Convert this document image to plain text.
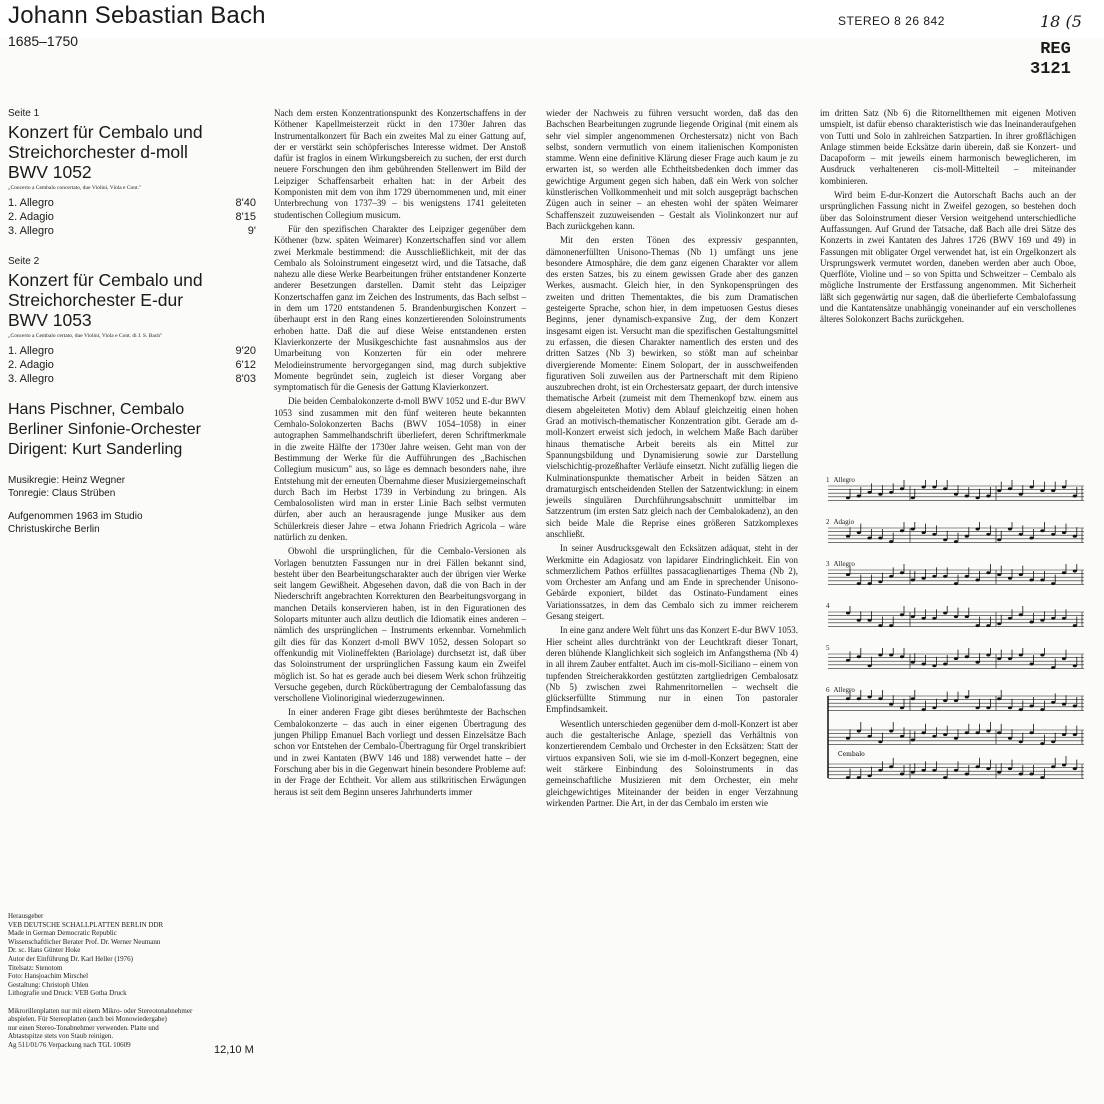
Johann Sebastian Bach
1685–1750
STEREO 8 26 842	18 (5
REG
3121
Seite 1
Konzert für Cembalo und
Streichorchester d-moll
BWV 1052
„Concerto a Cembalo concertato, due Violini, Viola e Cont."
1. Allegro	8'40
2. Adagio	8'15
3. Allegro	9'
Seite 2
Konzert für Cembalo und
Streichorchester E-dur
BWV 1053
„Concerto a Cembalo certato, due Violini, Viola e Cont. di J. S. Bach"
1. Allegro	9'20
2. Adagio	6'12
3. Allegro	8'03
Hans Pischner, Cembalo
Berliner Sinfonie-Orchester
Dirigent: Kurt Sanderling
Musikregie: Heinz Wegner
Tonregie: Claus Strüben
Aufgenommen 1963 im Studio
Christuskirche Berlin
Herausgeber
VEB DEUTSCHE SCHALLPLATTEN BERLIN DDR
Made in German Democratic Republic
Wissenschaftlicher Berater Prof. Dr. Werner Neumann
Dr. sc. Hans Günter Hoke
Autor der Einführung Dr. Karl Heller (1976)
Titelsatz: Stenotom
Foto: Hansjoachim Mirschel
Gestaltung: Christoph Uhlen
Lithografie und Druck: VEB Gotha Druck
Mikrorillenplatten nur mit einem Mikro- oder Stereotonabnehmer
abspielen. Für Stereoplatten (auch bei Monowiedergabe)
nur einen Stereo-Tonabnehmer verwenden. Platte und
Abtastspitze stets von Staub reinigen.
Ag 511/01/76 Verpackung nach TGL 10609	12,10 M

Nach dem ersten Konzentrationspunkt des Konzertschaffens in der Köthener Kapellmeisterzeit rückt in den 1730er Jahren das Instrumentalkonzert für Bach ein zweites Mal zu einer Gattung auf, der er verstärkt sein schöpferisches Interesse widmet. Der Anstoß dafür ist fraglos in einem Wirkungsbereich zu suchen, der erst durch neuere Forschungen den ihm gebührenden Stellenwert im Bild der Leipziger Schaffensarbeit erhalten hat: in der Arbeit des Komponisten mit dem von ihm 1729 übernommenen und, mit einer Unterbrechung von 1737–39 – bis wenigstens 1741 geleiteten studentischen Collegium musicum.

Für den spezifischen Charakter des Leipziger gegenüber dem Köthener (bzw. späten Weimarer) Konzertschaffen sind vor allem zwei Merkmale bestimmend: die Ausschließlichkeit, mit der das Cembalo als Soloinstrument eingesetzt wird, und die Tatsache, daß nahezu alle diese Werke Bearbeitungen früher entstandener Konzerte anderer Besetzungen darstellen. Damit steht das Leipziger Konzertschaffen ganz im Zeichen des Instruments, das Bach selbst – in dem um 1720 entstandenen 5. Brandenburgischen Konzert – überhaupt erst in den Rang eines konzertierenden Soloinstruments erhoben hatte. Daß die auf diese Weise entstandenen ersten Klavierkonzerte der Musikgeschichte fast ausnahmslos aus der Umarbeitung von Konzerten für ein oder mehrere Melodieinstrumente hervorgegangen sind, mag durch subjektive Momente begründet sein, zugleich ist dieser Vorgang aber symptomatisch für die Genesis der Gattung Klavierkonzert.

Die beiden Cembalokonzerte d-moll BWV 1052 und E-dur BWV 1053 sind zusammen mit den fünf weiteren heute bekannten Cembalo-Solokonzerten Bachs (BWV 1054–1058) in einer autographen Sammelhandschrift überliefert, deren Schriftmerkmale in die zweite Hälfte der 1730er Jahre weisen. Geht man von der Bestimmung der Werke für die Aufführungen des „Bachischen Collegium musicum" aus, so läge es demnach besonders nahe, ihre Entstehung mit der erneuten Übernahme dieser Musiziergemeinschaft durch Bach im Herbst 1739 in Verbindung zu bringen. Als Cembalosolisten wird man in erster Linie Bach selbst vermuten dürfen, aber auch an herausragende junge Musiker aus dem Schülerkreis dieser Jahre – etwa Johann Friedrich Agricola – wäre natürlich zu denken.

Obwohl die ursprünglichen, für die Cembalo-Versionen als Vorlagen benutzten Fassungen nur in drei Fällen bekannt sind, besteht über den Bearbeitungscharakter auch der übrigen vier Werke seit langem Gewißheit. Abgesehen davon, daß die von Bach in der Niederschrift angebrachten Korrekturen den Bearbeitungsvorgang in manchen Details konservieren haben, ist in den Figurationen des Soloparts mitunter auch allzu deutlich die Idiomatik eines anderen – nämlich des ursprünglichen – Instruments erkennbar. Vornehmlich gilt dies für das Konzert d-moll BWV 1052, dessen Solopart so offenkundig mit Violineffekten (Bariolage) durchsetzt ist, daß über das Soloinstrument der ursprünglichen Fassung kaum ein Zweifel möglich ist. So hat es gerade auch bei diesem Werk schon frühzeitig Versuche gegeben, durch Rückübertragung der Cembalofassung das verschollene Violinoriginal wiederzugewinnen.

In einer anderen Frage gibt dieses berühmteste der Bachschen Cembalokonzerte – das auch in einer eigenen Übertragung des jungen Philipp Emanuel Bach vorliegt und dessen Einzelsätze Bach schon vor Entstehen der Cembalo-Übertragung für Orgel transkribiert und in zwei Kantaten (BWV 146 und 188) verwendet hatte – der Forschung aber bis in die Gegenwart hinein besondere Probleme auf: in der Frage der Echtheit. Vor allem aus stilkritischen Erwägungen heraus ist seit dem Beginn unseres Jahrhunderts immer

wieder der Nachweis zu führen versucht worden, daß das den Bachschen Bearbeitungen zugrunde liegende Original (mit einem als sehr viel simpler angenommenen Orchestersatz) nicht von Bach selbst, sondern vermutlich von einem italienischen Komponisten stamme. Wenn eine definitive Klärung dieser Frage auch kaum je zu erwarten ist, so werden alle Echtheitsbedenken doch immer das gewichtige Argument gegen sich haben, daß ein Werk von solcher künstlerischen Vollkommenheit und mit solch ausgeprägt bachschen Zügen auch in seiner – an ehesten wohl der späten Weimarer Schaffenszeit zuzuweisenden – Gestalt als Violinkonzert nur auf Bach zurückgehen kann.

Mit den ersten Tönen des expressiv gespannten, dämonenerfüllten Unisono-Themas (Nb 1) umfängt uns jene besondere Atmosphäre, die dem ganz eigenen Charakter vor allem des ersten Satzes, bis zu einem gewissen Grade aber des ganzen Werkes, ausmacht. Gleich hier, in den Synkopensprüngen des zweiten und dritten Thementaktes, die bis zum Dramatischen gesteigerte Sprache, schon hier, in dem impetuosen Gestus dieses Beginns, jener dynamisch-expansive Zug, der dem Konzert insgesamt eigen ist. Versucht man die spezifischen Gestaltungsmittel zu erfassen, die diesen Charakter namentlich des ersten und des dritten Satzes (Nb 3) bewirken, so stößt man auf scheinbar divergierende Momente: Einem Solopart, der in ausschweifenden figurativen Soli zuweilen aus der Partnerschaft mit dem Ripieno auszubrechen droht, ist ein Orchestersatz gepaart, der durch intensive thematische Arbeit (zumeist mit dem Themenkopf bzw. einem aus diesem abgeleiteten Motiv) dem Ablauf gleichzeitig einen hohen Grad an motivisch-thematischer Konzentration gibt. Gerade am d-moll-Konzert erweist sich jedoch, in welchem Maße Bach darüber hinaus thematische Arbeit bereits als ein Mittel zur Spannungsbildung und Dynamisierung sowie zur Darstellung vielschichtig-prozeßhafter Verläufe einsetzt. Nicht zufällig liegen die Kulminationspunkte thematischer Arbeit in beiden Sätzen an dramaturgisch entscheidenden Stellen der Satzentwicklung: in einem jeweils singulären Durchführungsabschnitt unmittelbar im Satzzentrum (im ersten Satz gleich nach der Cembalokadenz), an den sich beide Male die Reprise eines größeren Satzkomplexes anschließt.

In seiner Ausdrucksgewalt den Ecksätzen adäquat, steht in der Werkmitte ein Adagiosatz von lapidarer Eindringlichkeit. Ein von schmerzlichem Pathos erfülltes passacaglienartiges Thema (Nb 2), vom Orchester am Anfang und am Ende in sprechender Unisono-Gebärde exponiert, bildet das Ostinato-Fundament eines Variationssatzes, in dem das Cembalo sich zu immer reicherem Gesang steigert.

In eine ganz andere Welt führt uns das Konzert E-dur BWV 1053. Hier scheint alles durchtränkt von der Leuchtkraft dieser Tonart, deren blühende Klanglichkeit sich sogleich im Anfangsthema (Nb 4) in all ihrem Zauber entfaltet. Auch im cis-moll-Siciliano – einem von tupfenden Streicherakkorden gestützten zartgliedrigen Cembalosatz (Nb 5) zwischen zwei Rahmenritornellen – wechselt die glückserfüllte Stimmung nur in einen Ton pastoraler Empfindsamkeit.

Wesentlich unterschieden gegenüber dem d-moll-Konzert ist aber auch die gestalterische Anlage, speziell das Verhältnis von konzertierendem Cembalo und Orchester in den Ecksätzen: Statt der virtuos expansiven Soli, wie sie im d-moll-Konzert begegnen, eine weit stärkere Einbindung des Soloinstruments in das gemeinschaftliche Musizieren mit dem Orchester, ein mehr gleichgewichtiges Miteinander der beiden in enger Verzahnung wirkenden Partner. Die Art, in der das Cembalo im ersten wie

im dritten Satz (Nb 6) die Ritornellthemen mit eigenen Motiven umspielt, ist dafür ebenso charakteristisch wie das Ineinanderaufgehen von Tutti und Solo in zahlreichen Satzpartien. In ihrer großflächigen Anlage stimmen beide Ecksätze darin überein, daß sie Konzert- und Dacapoform – mit jeweils einem harmonisch beweglicheren, im Ausdruck verhalteneren cis-moll-Mittelteil – miteinander kombinieren.

Wird beim E-dur-Konzert die Autorschaft Bachs auch an der ursprünglichen Fassung nicht in Zweifel gezogen, so bestehen doch über das Soloinstrument dieser Version weitgehend unterschiedliche Auffassungen. Auf Grund der Tatsache, daß Bach alle drei Sätze des Konzerts in zwei Kantaten des Jahres 1726 (BWV 169 und 49) in Fassungen mit obligater Orgel verwendet hat, ist ein Orgelkonzert als Ursprungswerk vermutet worden, daneben werden aber auch Oboe, Querflöte, Violine und – so von Spitta und Schweitzer – Cembalo als mögliche Instrumente der Erstfassung angenommen. Mit Sicherheit läßt sich gegenwärtig nur sagen, daß die überlieferte Cembalofassung und die Kantatensätze unabhängig voneinander auf ein verschollenes älteres Solokonzert Bachs zurückgehen.

1 Allegro
2 Adagio
3 Allegro
4
5
6 Allegro
Cembalo
